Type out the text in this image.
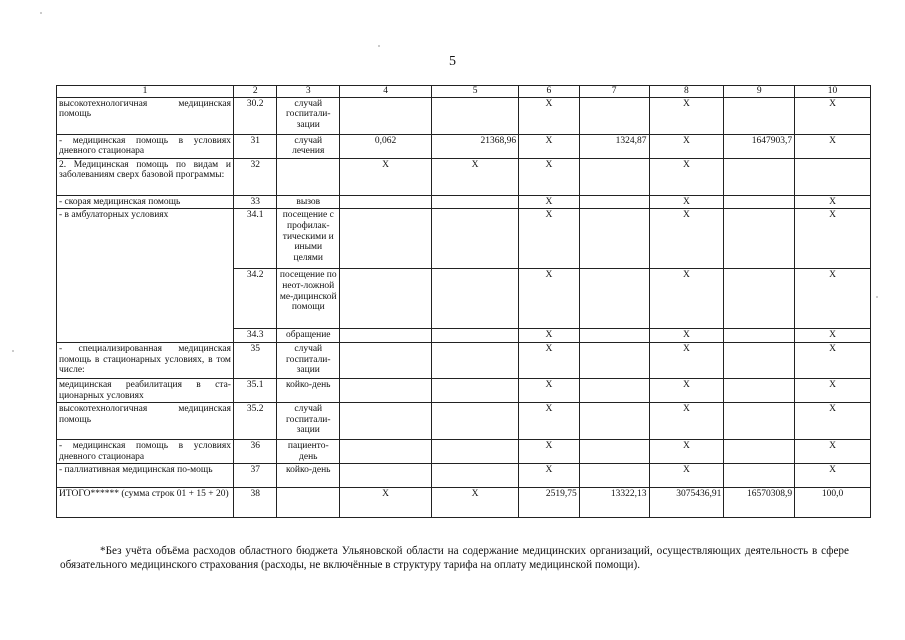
5
1	2	3	4	5	6	7	8	9	10
высокотехнологичная медицинская помощь	30.2	случай госпитали-зации			X		X		X
- медицинская помощь в условиях дневного стационара	31	случай лечения	0,062	21368,96	X	1324,87	X	1647903,7	X
2. Медицинская помощь по видам и заболеваниям сверх базовой программы:	32		X	X	X		X		
- скорая медицинская помощь	33	вызов			X		X		X
- в амбулаторных условиях	34.1	посещение с профилак-тическими и иными целями			X		X		X
	34.2	посещение по неот-ложной ме-дицинской помощи			X		X		X
	34.3	обращение			X		X		X
- специализированная медицинская помощь в стационарных условиях, в том числе:	35	случай госпитали-зации			X		X		X
медицинская реабилитация в ста-ционарных условиях	35.1	койко-день			X		X		X
высокотехнологичная медицинская помощь	35.2	случай госпитали-зации			X		X		X
- медицинская помощь в условиях дневного стационара	36	пациенто-день			X		X		X
- паллиативная медицинская по-мощь	37	койко-день			X		X		X
ИТОГО****** (сумма строк 01 + 15 + 20)	38		X	X	2519,75	13322,13	3075436,91	16570308,9	100,0
*Без учёта объёма расходов областного бюджета Ульяновской области на содержание медицинских организаций, осуществляющих деятельность в сфере обязательного медицинского страхования (расходы, не включённые в структуру тарифа на оплату медицинской помощи).
